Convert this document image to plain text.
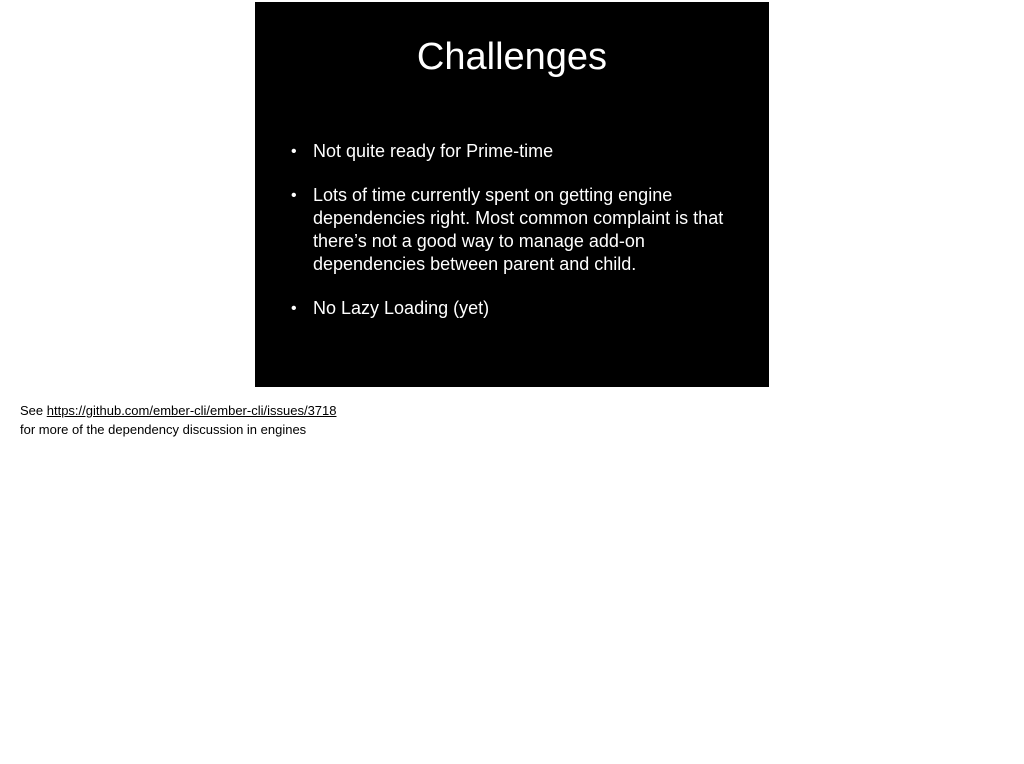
Challenges
• Not quite ready for Prime-time
• Lots of time currently spent on getting engine dependencies right. Most common complaint is that there’s not a good way to manage add-on dependencies between parent and child.
• No Lazy Loading (yet)
See https://github.com/ember-cli/ember-cli/issues/3718
for more of the dependency discussion in engines
